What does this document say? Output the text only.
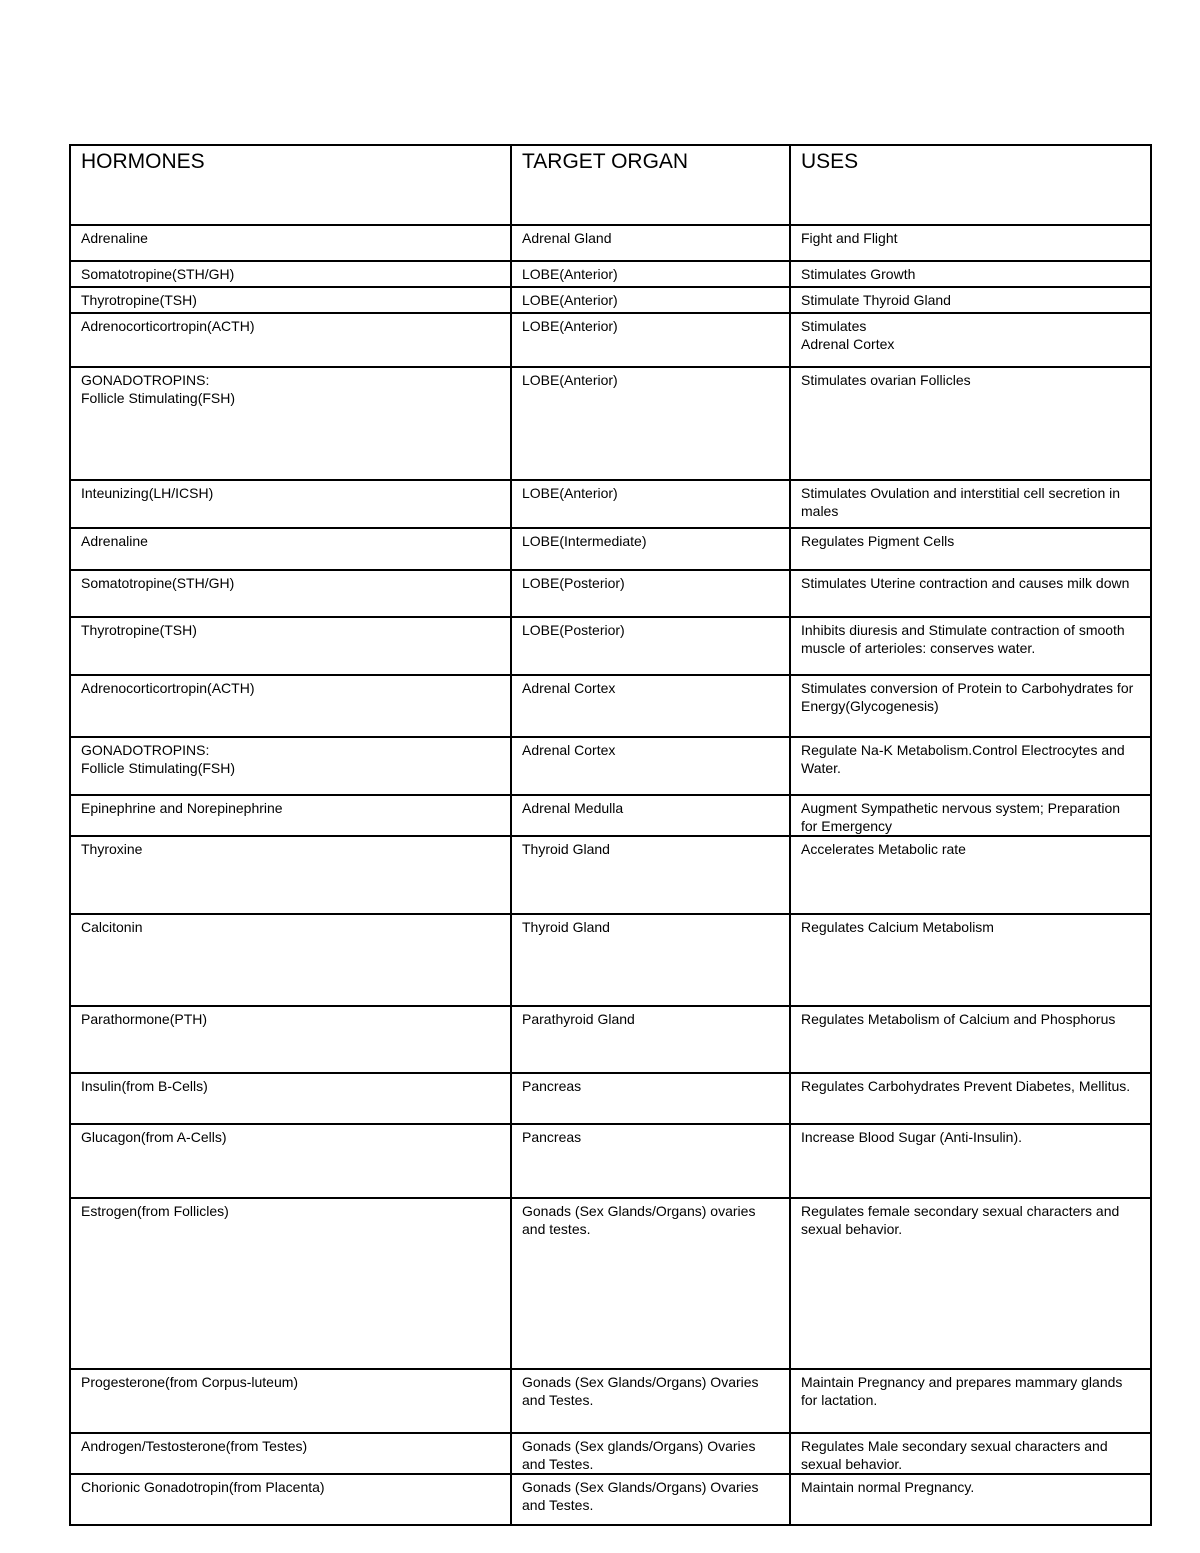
HORMONES	TARGET ORGAN	USES
Adrenaline	Adrenal Gland	Fight and Flight
Somatotropine(STH/GH)	LOBE(Anterior)	Stimulates Growth
Thyrotropine(TSH)	LOBE(Anterior)	Stimulate Thyroid Gland
Adrenocorticortropin(ACTH)	LOBE(Anterior)	Stimulates
Adrenal Cortex
GONADOTROPINS:
Follicle Stimulating(FSH)	LOBE(Anterior)	Stimulates ovarian Follicles
Inteunizing(LH/ICSH)	LOBE(Anterior)	Stimulates Ovulation and interstitial cell secretion in males
Adrenaline	LOBE(Intermediate)	Regulates Pigment Cells
Somatotropine(STH/GH)	LOBE(Posterior)	Stimulates Uterine contraction and causes milk down
Thyrotropine(TSH)	LOBE(Posterior)	Inhibits diuresis and Stimulate contraction of smooth muscle of arterioles: conserves water.
Adrenocorticortropin(ACTH)	Adrenal Cortex	Stimulates conversion of Protein to Carbohydrates for Energy(Glycogenesis)
GONADOTROPINS:
Follicle Stimulating(FSH)	Adrenal Cortex	Regulate Na-K Metabolism.Control Electrocytes and Water.
Epinephrine and Norepinephrine	Adrenal Medulla	Augment Sympathetic nervous system; Preparation for Emergency
Thyroxine	Thyroid Gland	Accelerates Metabolic rate
Calcitonin	Thyroid Gland	Regulates Calcium Metabolism
Parathormone(PTH)	Parathyroid Gland	Regulates Metabolism of Calcium and Phosphorus
Insulin(from B-Cells)	Pancreas	Regulates Carbohydrates Prevent Diabetes, Mellitus.
Glucagon(from A-Cells)	Pancreas	Increase Blood Sugar (Anti-Insulin).
Estrogen(from Follicles)	Gonads (Sex Glands/Organs) ovaries and testes.	Regulates female secondary sexual characters and sexual behavior.
Progesterone(from Corpus-luteum)	Gonads (Sex Glands/Organs) Ovaries and Testes.	Maintain Pregnancy and prepares mammary glands for lactation.
Androgen/Testosterone(from Testes)	Gonads (Sex glands/Organs) Ovaries and Testes.	Regulates Male secondary sexual characters and sexual behavior.
Chorionic Gonadotropin(from Placenta)	Gonads (Sex Glands/Organs) Ovaries and Testes.	Maintain normal Pregnancy.
